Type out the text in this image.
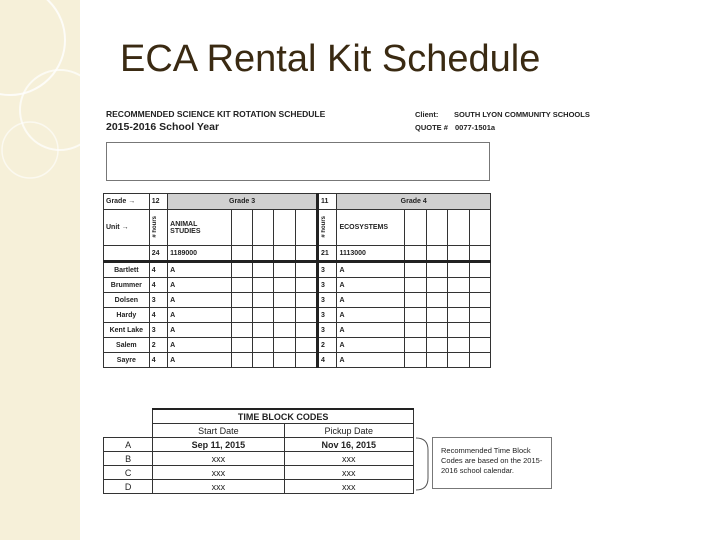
ECA Rental Kit Schedule
RECOMMENDED SCIENCE KIT ROTATION SCHEDULE
2015-2016 School Year
Client: SOUTH LYON COMMUNITY SCHOOLS
QUOTE # 0077-1501a
Grade →	12	Grade 3					11	Grade 4				
Unit →	# hours	ANIMAL STUDIES					# hours	ECOSYSTEMS				
	24	1189000					21	1113000				
Bartlett	4	A					3	A				
Brummer	4	A					3	A				
Dolsen	3	A					3	A				
Hardy	4	A					3	A				
Kent Lake	3	A					3	A				
Salem	2	A					2	A				
Sayre	4	A					4	A				
	TIME BLOCK CODES	
	Start Date	Pickup Date
A	Sep 11, 2015	Nov 16, 2015
B	xxx	xxx
C	xxx	xxx
D	xxx	xxx
Recommended Time Block Codes are based on the 2015-2016 school calendar.
